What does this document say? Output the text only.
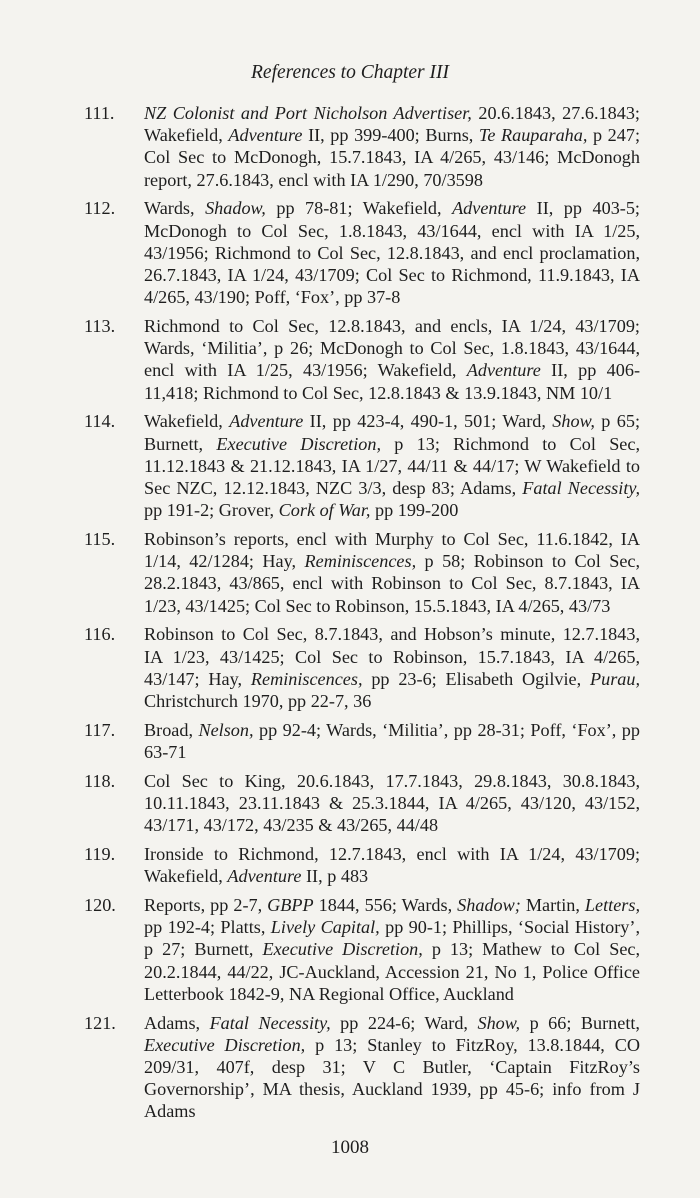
References to Chapter III
111.	NZ Colonist and Port Nicholson Advertiser, 20.6.1843, 27.6.1843; Wakefield, Adventure II, pp 399-400; Burns, Te Rauparaha, p 247; Col Sec to McDonogh, 15.7.1843, IA 4/265, 43/146; McDonogh report, 27.6.1843, encl with IA 1/290, 70/3598
112.	Wards, Shadow, pp 78-81; Wakefield, Adventure II, pp 403-5; McDonogh to Col Sec, 1.8.1843, 43/1644, encl with IA 1/25, 43/1956; Richmond to Col Sec, 12.8.1843, and encl proclamation, 26.7.1843, IA 1/24, 43/1709; Col Sec to Richmond, 11.9.1843, IA 4/265, 43/190; Poff, ‘Fox’, pp 37-8
113.	Richmond to Col Sec, 12.8.1843, and encls, IA 1/24, 43/1709; Wards, ‘Militia’, p 26; McDonogh to Col Sec, 1.8.1843, 43/1644, encl with IA 1/25, 43/1956; Wakefield, Adventure II, pp 406-11,418; Richmond to Col Sec, 12.8.1843 & 13.9.1843, NM 10/1
114.	Wakefield, Adventure II, pp 423-4, 490-1, 501; Ward, Show, p 65; Burnett, Executive Discretion, p 13; Richmond to Col Sec, 11.12.1843 & 21.12.1843, IA 1/27, 44/11 & 44/17; W Wakefield to Sec NZC, 12.12.1843, NZC 3/3, desp 83; Adams, Fatal Necessity, pp 191-2; Grover, Cork of War, pp 199-200
115.	Robinson’s reports, encl with Murphy to Col Sec, 11.6.1842, IA 1/14, 42/1284; Hay, Reminiscences, p 58; Robinson to Col Sec, 28.2.1843, 43/865, encl with Robinson to Col Sec, 8.7.1843, IA 1/23, 43/1425; Col Sec to Robinson, 15.5.1843, IA 4/265, 43/73
116.	Robinson to Col Sec, 8.7.1843, and Hobson’s minute, 12.7.1843, IA 1/23, 43/1425; Col Sec to Robinson, 15.7.1843, IA 4/265, 43/147; Hay, Reminiscences, pp 23-6; Elisabeth Ogilvie, Purau, Christchurch 1970, pp 22-7, 36
117.	Broad, Nelson, pp 92-4; Wards, ‘Militia’, pp 28-31; Poff, ‘Fox’, pp 63-71
118.	Col Sec to King, 20.6.1843, 17.7.1843, 29.8.1843, 30.8.1843, 10.11.1843, 23.11.1843 & 25.3.1844, IA 4/265, 43/120, 43/152, 43/171, 43/172, 43/235 & 43/265, 44/48
119.	Ironside to Richmond, 12.7.1843, encl with IA 1/24, 43/1709; Wakefield, Adventure II, p 483
120.	Reports, pp 2-7, GBPP 1844, 556; Wards, Shadow; Martin, Letters, pp 192-4; Platts, Lively Capital, pp 90-1; Phillips, ‘Social History’, p 27; Burnett, Executive Discretion, p 13; Mathew to Col Sec, 20.2.1844, 44/22, JC-Auckland, Accession 21, No 1, Police Office Letterbook 1842-9, NA Regional Office, Auckland
121.	Adams, Fatal Necessity, pp 224-6; Ward, Show, p 66; Burnett, Executive Discretion, p 13; Stanley to FitzRoy, 13.8.1844, CO 209/31, 407f, desp 31; V C Butler, ‘Captain FitzRoy’s Governorship’, MA thesis, Auckland 1939, pp 45-6; info from J Adams
1008
